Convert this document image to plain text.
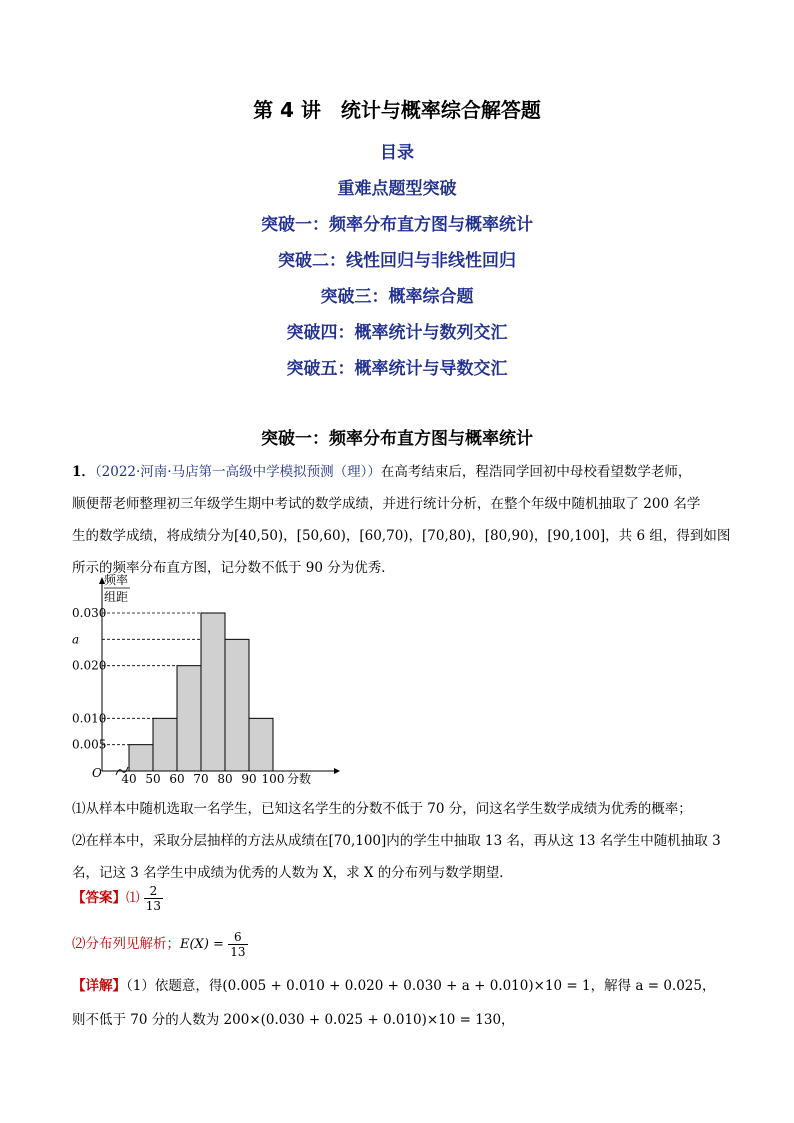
第 4 讲　统计与概率综合解答题
目录
重难点题型突破
突破一：频率分布直方图与概率统计
突破二：线性回归与非线性回归
突破三：概率综合题
突破四：概率统计与数列交汇
突破五：概率统计与导数交汇
突破一：频率分布直方图与概率统计
1．（2022·河南·马店第一高级中学模拟预测（理））在高考结束后，程浩同学回初中母校看望数学老师，
顺便帮老师整理初三年级学生期中考试的数学成绩，并进行统计分析，在整个年级中随机抽取了 200 名学
生的数学成绩，将成绩分为[40,50)，[50,60)，[60,70)，[70,80)，[80,90)，[90,100]，共 6 组，得到如图
所示的频率分布直方图，记分数不低于 90 分为优秀．
0.005
0.010
0.020
a
0.030
O 40 50 60 70 80 90 100 分数
频率
组距
⑴从样本中随机选取一名学生，已知这名学生的分数不低于 70 分，问这名学生数学成绩为优秀的概率；
⑵在样本中，采取分层抽样的方法从成绩在[70,100]内的学生中抽取 13 名，再从这 13 名学生中随机抽取 3
名，记这 3 名学生中成绩为优秀的人数为 X，求 X 的分布列与数学期望．
【答案】⑴ $\frac{2}{13}$
⑵分布列见解析；$E(X) = \frac{6}{13}$
【详解】（1）依题意，得(0.005 + 0.010 + 0.020 + 0.030 + a + 0.010)×10 = 1，解得 a = 0.025，
则不低于 70 分的人数为 200×(0.030 + 0.025 + 0.010)×10 = 130，
